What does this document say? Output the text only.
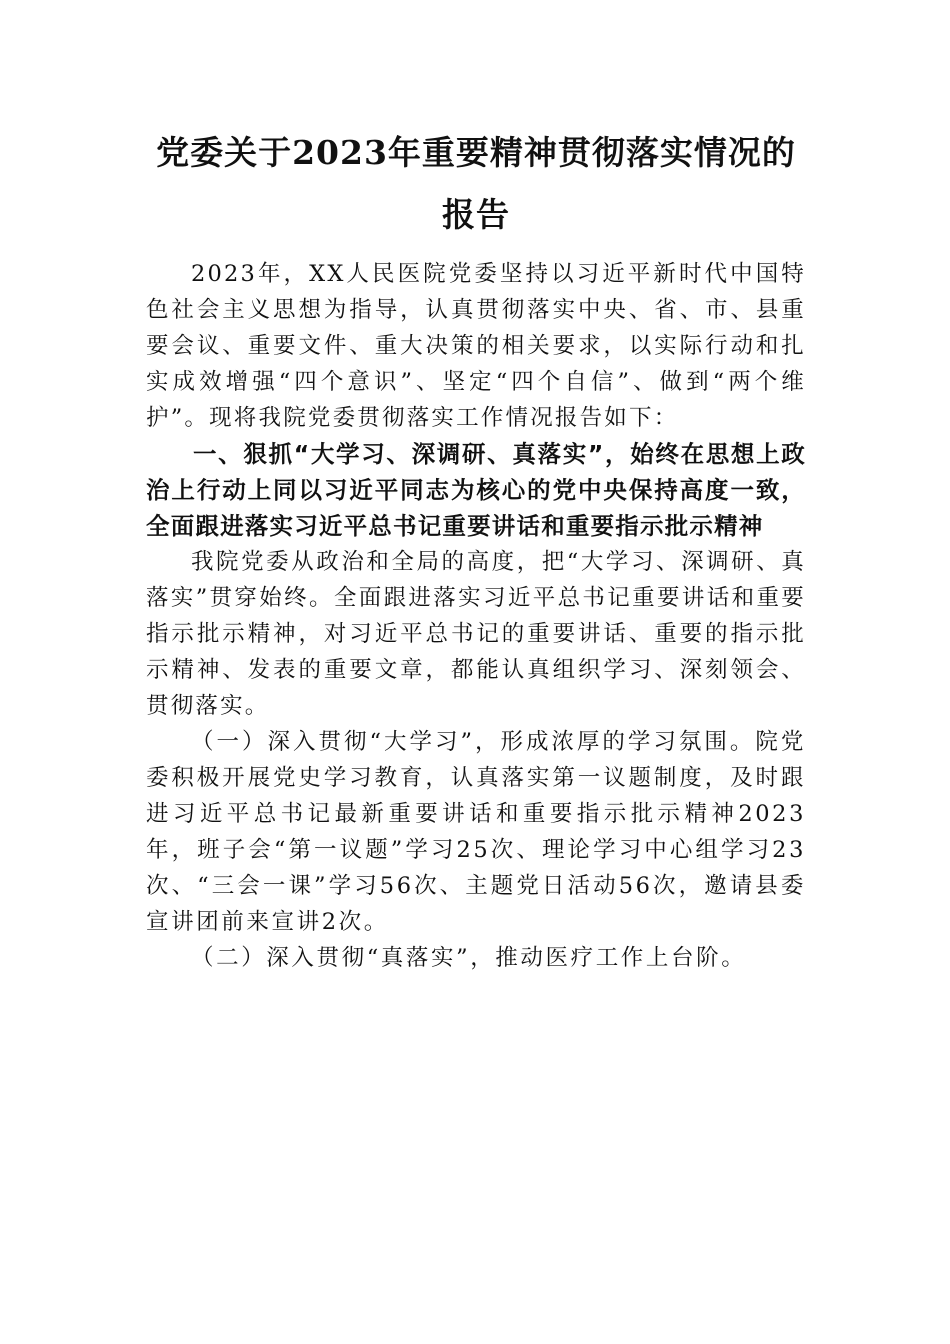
党委关于2023年重要精神贯彻落实情况的
报告

2023年，XX人民医院党委坚持以习近平新时代中国特色社会主义思想为指导，认真贯彻落实中央、省、市、县重要会议、重要文件、重大决策的相关要求，以实际行动和扎实成效增强“四个意识”、坚定“四个自信”、做到“两个维护”。现将我院党委贯彻落实工作情况报告如下：

一、狠抓“大学习、深调研、真落实”，始终在思想上政治上行动上同以习近平同志为核心的党中央保持高度一致，全面跟进落实习近平总书记重要讲话和重要指示批示精神

我院党委从政治和全局的高度，把“大学习、深调研、真落实”贯穿始终。全面跟进落实习近平总书记重要讲话和重要指示批示精神，对习近平总书记的重要讲话、重要的指示批示精神、发表的重要文章，都能认真组织学习、深刻领会、贯彻落实。

（一）深入贯彻“大学习”，形成浓厚的学习氛围。院党委积极开展党史学习教育，认真落实第一议题制度，及时跟进习近平总书记最新重要讲话和重要指示批示精神2023年，班子会“第一议题”学习25次、理论学习中心组学习23次、“三会一课”学习56次、主题党日活动56次，邀请县委宣讲团前来宣讲2次。

（二）深入贯彻“真落实”，推动医疗工作上台阶。
